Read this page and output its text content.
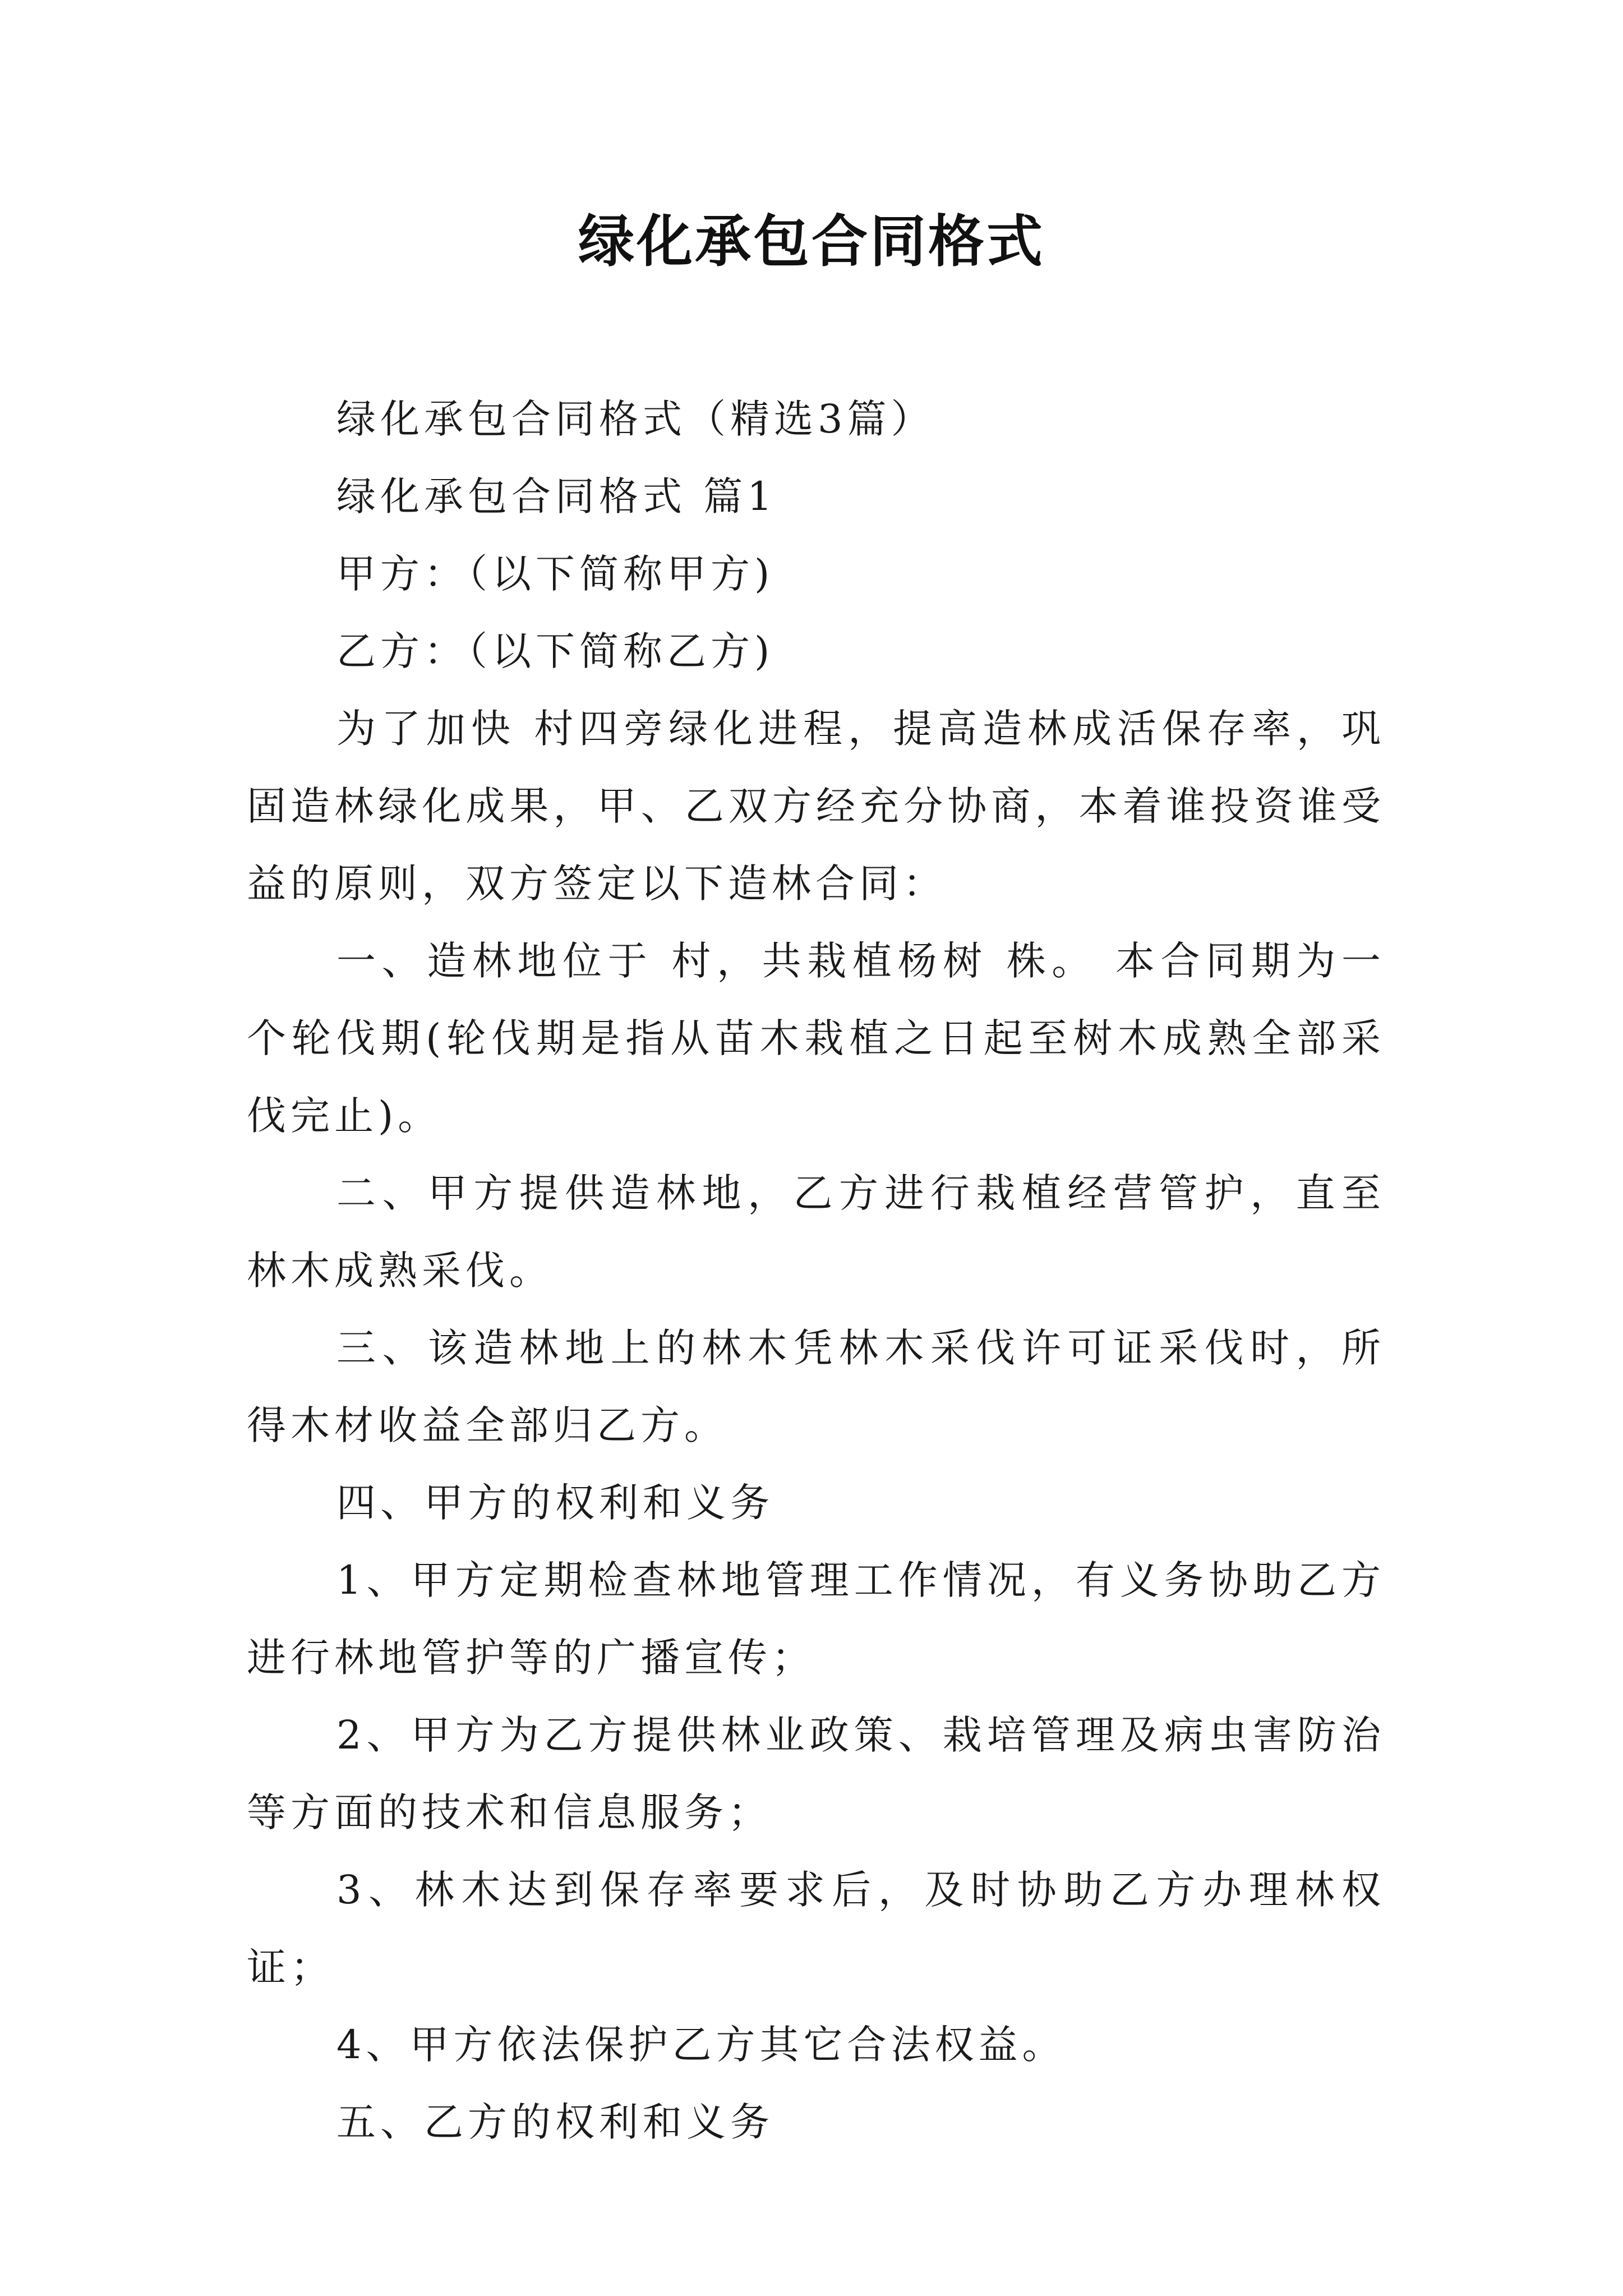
绿化承包合同格式

绿化承包合同格式（精选3篇）

绿化承包合同格式 篇1

甲方：（以下简称甲方)

乙方：（以下简称乙方)

为了加快 村四旁绿化进程，提高造林成活保存率，巩固造林绿化成果，甲、乙双方经充分协商，本着谁投资谁受益的原则，双方签定以下造林合同：

一、造林地位于 村，共栽植杨树 株。 本合同期为一个轮伐期(轮伐期是指从苗木栽植之日起至树木成熟全部采伐完止)。

二、甲方提供造林地，乙方进行栽植经营管护，直至林木成熟采伐。

三、该造林地上的林木凭林木采伐许可证采伐时，所得木材收益全部归乙方。

四、甲方的权利和义务

1、甲方定期检查林地管理工作情况，有义务协助乙方进行林地管护等的广播宣传；

2、甲方为乙方提供林业政策、栽培管理及病虫害防治等方面的技术和信息服务；

3、林木达到保存率要求后，及时协助乙方办理林权证；

4、甲方依法保护乙方其它合法权益。

五、乙方的权利和义务
